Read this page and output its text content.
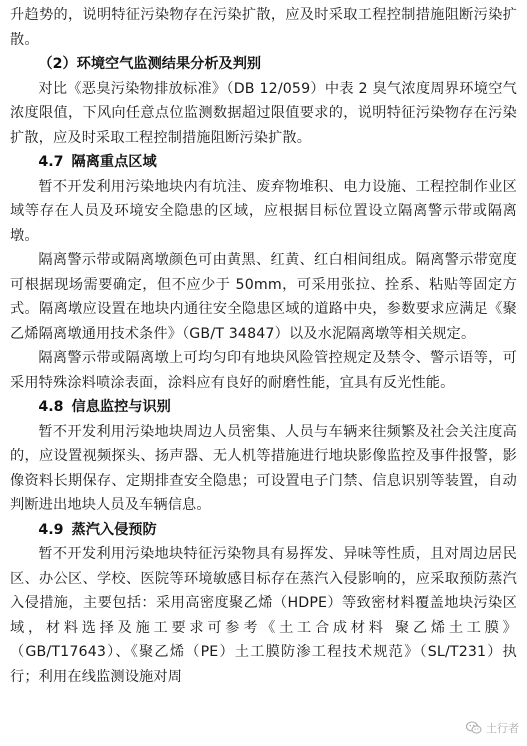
升趋势的，说明特征污染物存在污染扩散，应及时采取工程控制措施阻断污染扩散。

（2）环境空气监测结果分析及判别

对比《恶臭污染物排放标准》（DB 12/059）中表 2 臭气浓度周界环境空气浓度限值，下风向任意点位监测数据超过限值要求的，说明特征污染物存在污染扩散，应及时采取工程控制措施阻断污染扩散。

4.7 隔离重点区域

暂不开发利用污染地块内有坑洼、废弃物堆积、电力设施、工程控制作业区域等存在人员及环境安全隐患的区域，应根据目标位置设立隔离警示带或隔离墩。

隔离警示带或隔离墩颜色可由黄黑、红黄、红白相间组成。隔离警示带宽度可根据现场需要确定，但不应少于 50mm，可采用张拉、拴系、粘贴等固定方式。隔离墩应设置在地块内通往安全隐患区域的道路中央，参数要求应满足《聚乙烯隔离墩通用技术条件》（GB/T 34847）以及水泥隔离墩等相关规定。

隔离警示带或隔离墩上可均匀印有地块风险管控规定及禁令、警示语等，可采用特殊涂料喷涂表面，涂料应有良好的耐磨性能，宜具有反光性能。

4.8 信息监控与识别

暂不开发利用污染地块周边人员密集、人员与车辆来往频繁及社会关注度高的，应设置视频探头、扬声器、无人机等措施进行地块影像监控及事件报警，影像资料长期保存、定期排查安全隐患；可设置电子门禁、信息识别等装置，自动判断进出地块人员及车辆信息。

4.9 蒸汽入侵预防

暂不开发利用污染地块特征污染物具有易挥发、异味等性质，且对周边居民区、办公区、学校、医院等环境敏感目标存在蒸汽入侵影响的，应采取预防蒸汽入侵措施，主要包括：采用高密度聚乙烯（HDPE）等致密材料覆盖地块污染区域，材料选择及施工要求可参考《土工合成材料 聚乙烯土工膜》（GB/T17643）、《聚乙烯（PE）土工膜防渗工程技术规范》（SL/T231）执行；利用在线监测设施对周

土行者
